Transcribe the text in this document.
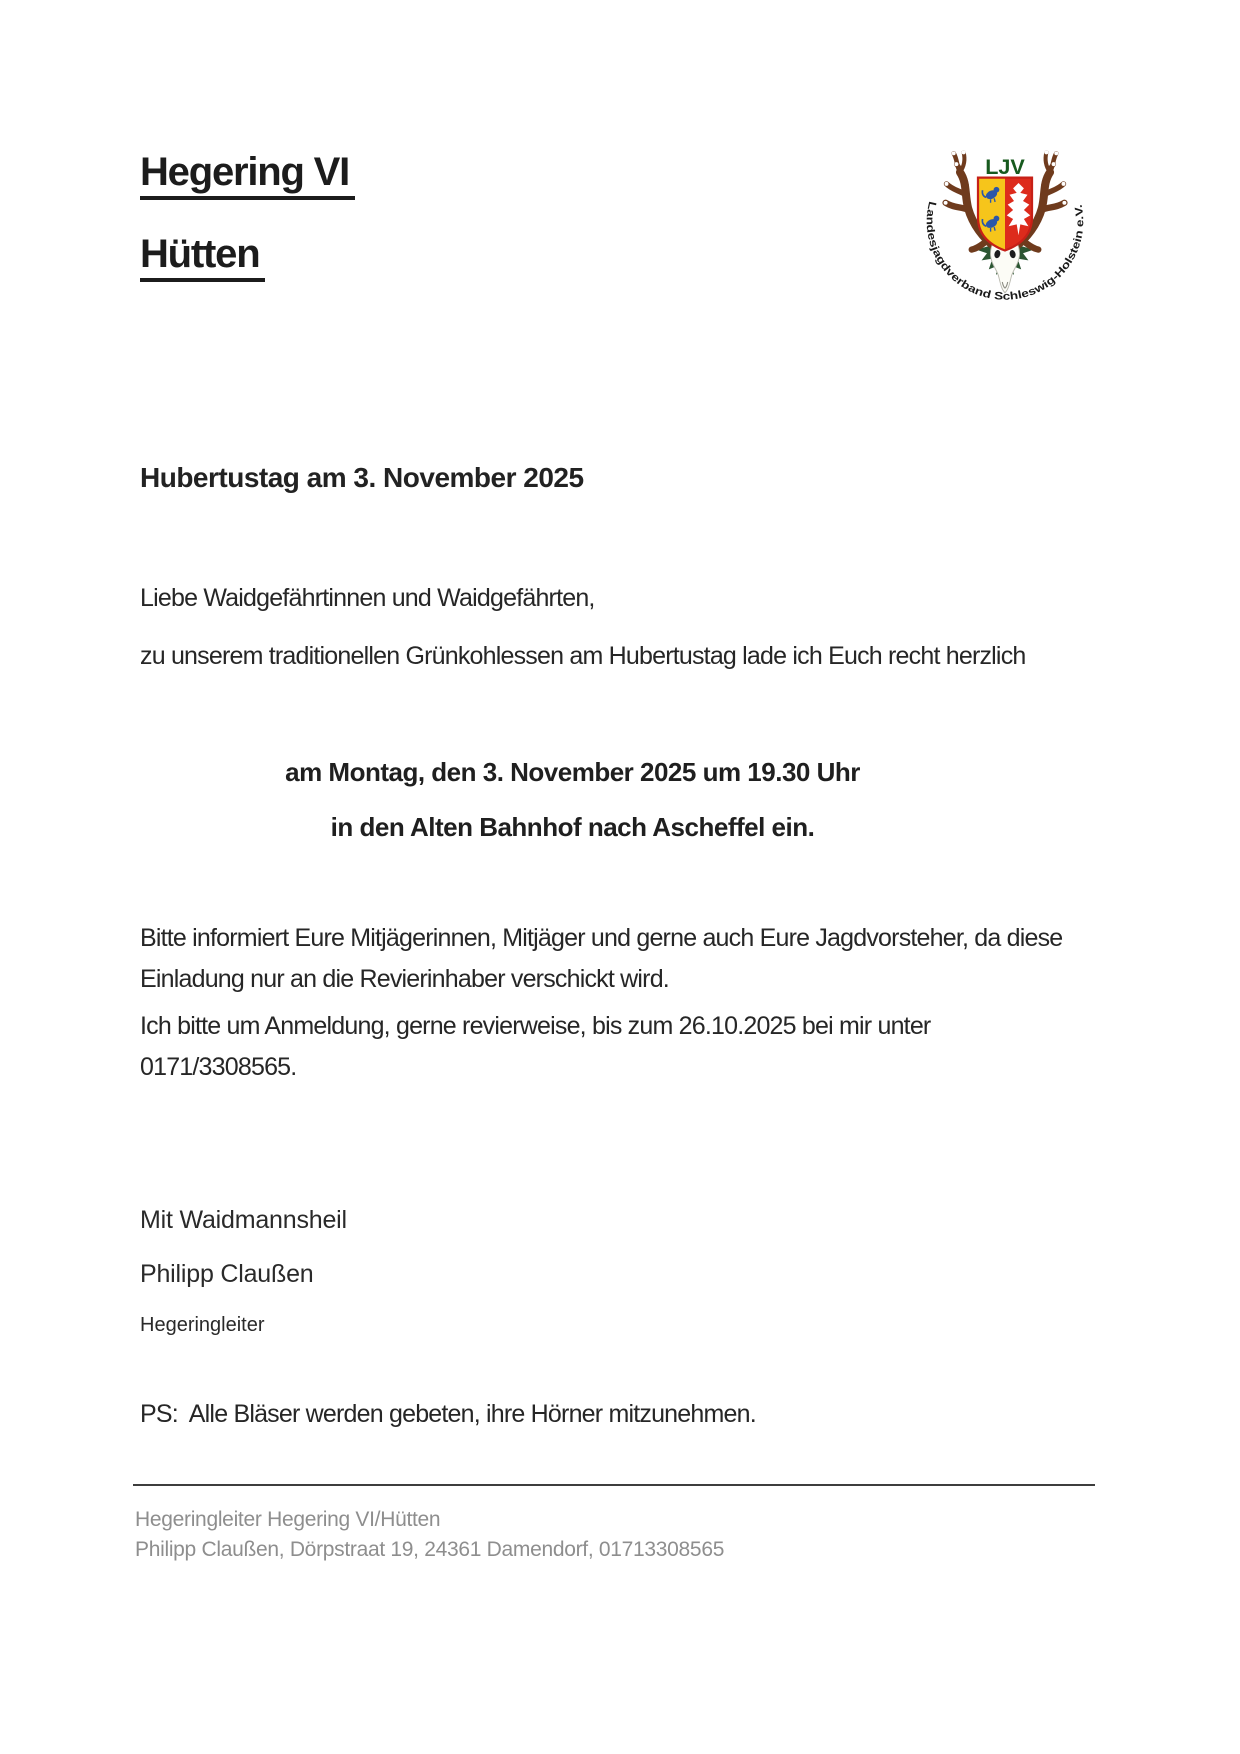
Hegering VI
Hütten
LJV
Landesjagdverband Schleswig-Holstein e.V.
Hubertustag am 3. November 2025
Liebe Waidgefährtinnen und Waidgefährten,
zu unserem traditionellen Grünkohlessen am Hubertustag lade ich Euch recht herzlich
am Montag, den 3. November 2025 um 19.30 Uhr
in den Alten Bahnhof nach Ascheffel ein.
Bitte informiert Eure Mitjägerinnen, Mitjäger und gerne auch Eure Jagdvorsteher, da diese
Einladung nur an die Revierinhaber verschickt wird.
Ich bitte um Anmeldung, gerne revierweise, bis zum 26.10.2025 bei mir unter
0171/3308565.
Mit Waidmannsheil
Philipp Claußen
Hegeringleiter
PS:  Alle Bläser werden gebeten, ihre Hörner mitzunehmen.
Hegeringleiter Hegering VI/Hütten
Philipp Claußen, Dörpstraat 19, 24361 Damendorf, 01713308565
